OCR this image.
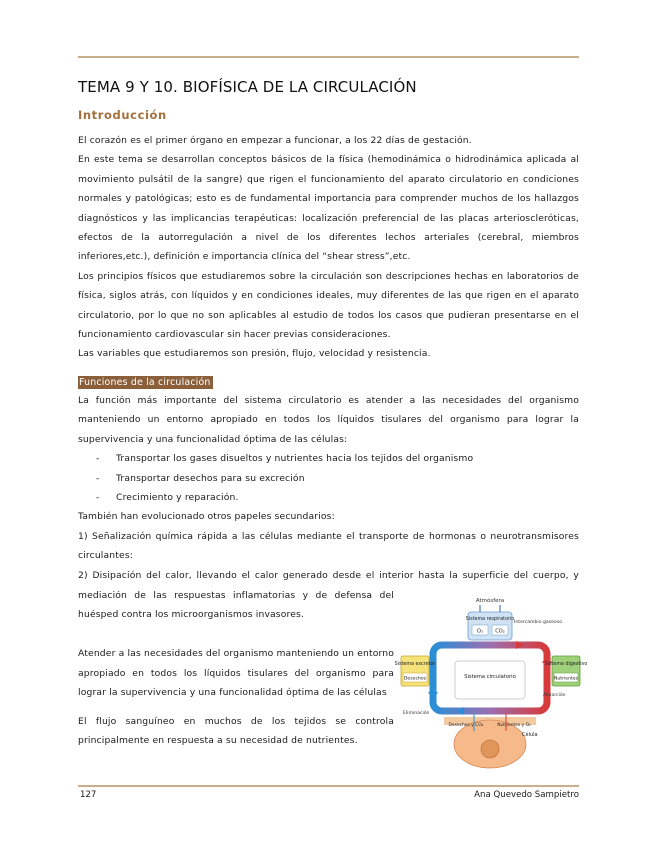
TEMA 9 Y 10. BIOFÍSICA DE LA CIRCULACIÓN
Introducción

El corazón es el primer órgano en empezar a funcionar, a los 22 días de gestación.

En este tema se desarrollan conceptos básicos de la física (hemodinámica o hidrodinámica aplicada al movimiento pulsátil de la sangre) que rigen el funcionamiento del aparato circulatorio en condiciones normales y patológicas; esto es de fundamental importancia para comprender muchos de los hallazgos diagnósticos y las implicancias terapéuticas: localización preferencial de las placas arterioscleróticas, efectos de la autorregulación a nivel de los diferentes lechos arteriales (cerebral, miembros inferiores,etc.), definición e importancia clínica del “shear stress”,etc.

Los principios físicos que estudiaremos sobre la circulación son descripciones hechas en laboratorios de física, siglos atrás, con líquidos y en condiciones ideales, muy diferentes de las que rigen en el aparato circulatorio, por lo que no son aplicables al estudio de todos los casos que pudieran presentarse en el funcionamiento cardiovascular sin hacer previas consideraciones.

Las variables que estudiaremos son presión, flujo, velocidad y resistencia.

Funciones de la circulación

La función más importante del sistema circulatorio es atender a las necesidades del organismo manteniendo un entorno apropiado en todos los líquidos tisulares del organismo para lograr la supervivencia y una funcionalidad óptima de las células:

- Transportar los gases disueltos y nutrientes hacia los tejidos del organismo
- Transportar desechos para su excreción
- Crecimiento y reparación.

También han evolucionado otros papeles secundarios:

1) Señalización química rápida a las células mediante el transporte de hormonas o neurotransmisores circulantes:

2) Disipación del calor, llevando el calor generado desde el interior hasta la superficie del cuerpo, y

mediación de las respuestas inflamatorias y de defensa del huésped contra los microorganismos invasores.

Atender a las necesidades del organismo manteniendo un entorno apropiado en todos los líquidos tisulares del organismo para lograr la supervivencia y una funcionalidad óptima de las células

El flujo sanguíneo en muchos de los tejidos se controla principalmente en respuesta a su necesidad de nutrientes.

Atmósfera
Sistema respiratorio
O₂ CO₂
Intercambio gaseoso
Sistema circulatorio
Sistema excretor
Desechos
Sistema digestivo
Nutrientes
Absorción
Eliminación
Desechos y CO₂	Nutrientes y O₂
Célula
127	Ana Quevedo Sampietro
